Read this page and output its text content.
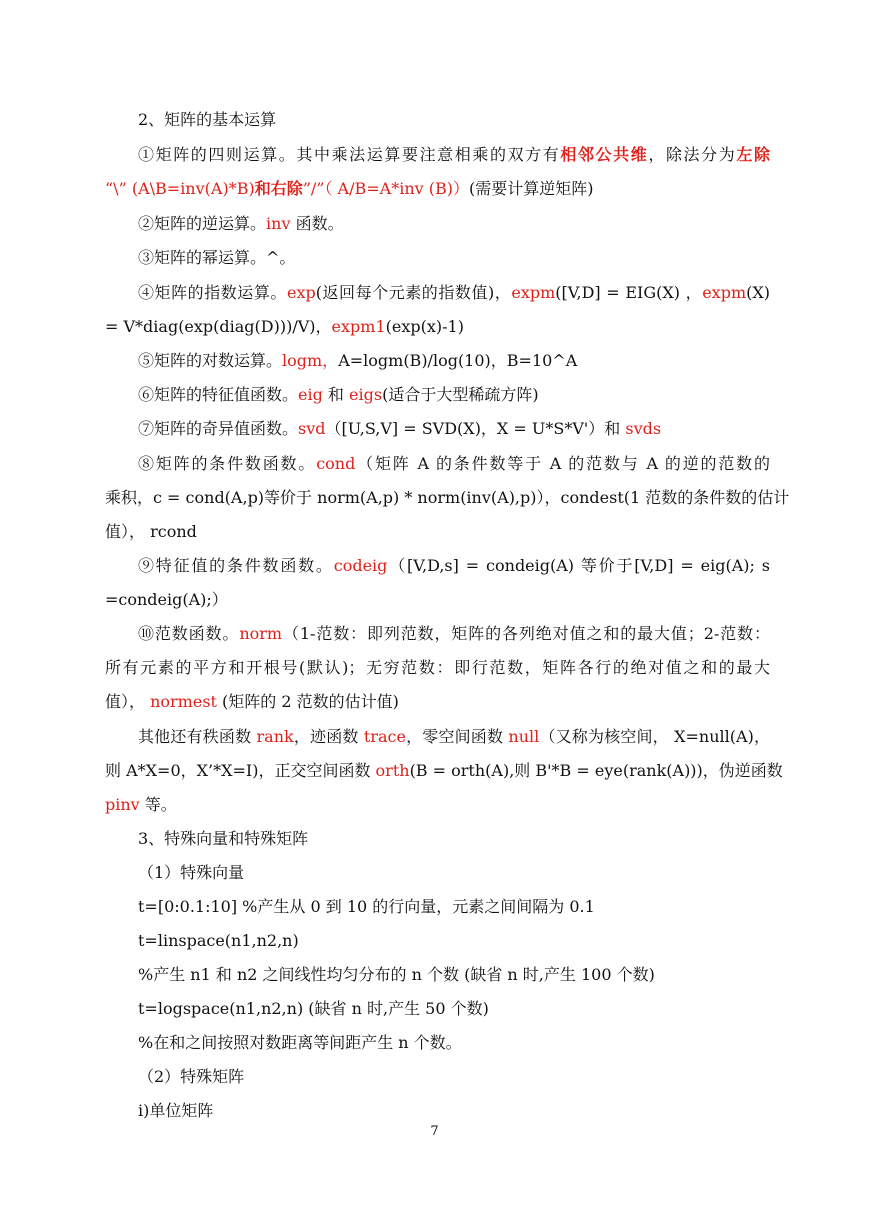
2、矩阵的基本运算
①矩阵的四则运算。其中乘法运算要注意相乘的双方有相邻公共维，除法分为左除
“\” (A\B=inv(A)*B)和右除”/”（ A/B=A*inv (B)）(需要计算逆矩阵)
②矩阵的逆运算。inv 函数。
③矩阵的幂运算。^。
④矩阵的指数运算。exp(返回每个元素的指数值)，expm([V,D] = EIG(X) ，expm(X)
= V*diag(exp(diag(D)))/V)，expm1(exp(x)-1)
⑤矩阵的对数运算。logm，A=logm(B)/log(10)，B=10^A
⑥矩阵的特征值函数。eig 和 eigs(适合于大型稀疏方阵)
⑦矩阵的奇异值函数。svd（[U,S,V] = SVD(X)，X = U*S*V'）和 svds
⑧矩阵的条件数函数。cond（矩阵 A 的条件数等于 A 的范数与 A 的逆的范数的
乘积，c = cond(A,p)等价于 norm(A,p) * norm(inv(A),p)），condest(1 范数的条件数的估计
值）， rcond
⑨特征值的条件数函数。codeig（[V,D,s] = condeig(A) 等价于[V,D] = eig(A); s
=condeig(A);）
⑩范数函数。norm（1-范数：即列范数，矩阵的各列绝对值之和的最大值；2-范数：
所有元素的平方和开根号(默认)；无穷范数：即行范数，矩阵各行的绝对值之和的最大
值）， normest (矩阵的 2 范数的估计值)
其他还有秩函数 rank，迹函数 trace，零空间函数 null（又称为核空间， X=null(A)，
则 A*X=0，X’*X=I)，正交空间函数 orth(B = orth(A),则 B'*B = eye(rank(A)))，伪逆函数
pinv 等。
3、特殊向量和特殊矩阵
（1）特殊向量
t=[0:0.1:10] %产生从 0 到 10 的行向量，元素之间间隔为 0.1
t=linspace(n1,n2,n)
%产生 n1 和 n2 之间线性均匀分布的 n 个数 (缺省 n 时,产生 100 个数)
t=logspace(n1,n2,n) (缺省 n 时,产生 50 个数)
%在和之间按照对数距离等间距产生 n 个数。
（2）特殊矩阵
i)单位矩阵
7
